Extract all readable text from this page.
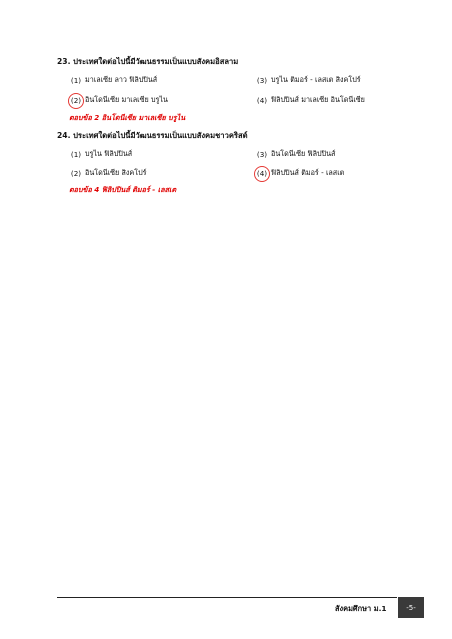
23. ประเทศใดต่อไปนี้มีวัฒนธรรมเป็นแบบสังคมอิสลาม
(1) มาเลเซีย ลาว ฟิลิปปินส์	(3) บรูไน ติมอร์ - เลสเต สิงคโปร์
(2) อินโดนีเซีย มาเลเซีย บรูไน	(4) ฟิลิปปินส์ มาเลเซีย อินโดนีเซีย
ตอบข้อ 2 อินโดนีเซีย มาเลเซีย บรูไน
24. ประเทศใดต่อไปนี้มีวัฒนธรรมเป็นแบบสังคมชาวคริสต์
(1) บรูไน ฟิลิปปินส์	(3) อินโดนีเซีย ฟิลิปปินส์
(2) อินโดนีเซีย สิงคโปร์	(4) ฟิลิปปินส์ ติมอร์ - เลสเต
ตอบข้อ 4 ฟิลิปปินส์ ติมอร์ - เลสเต
สังคมศึกษา ม.1	-5-
